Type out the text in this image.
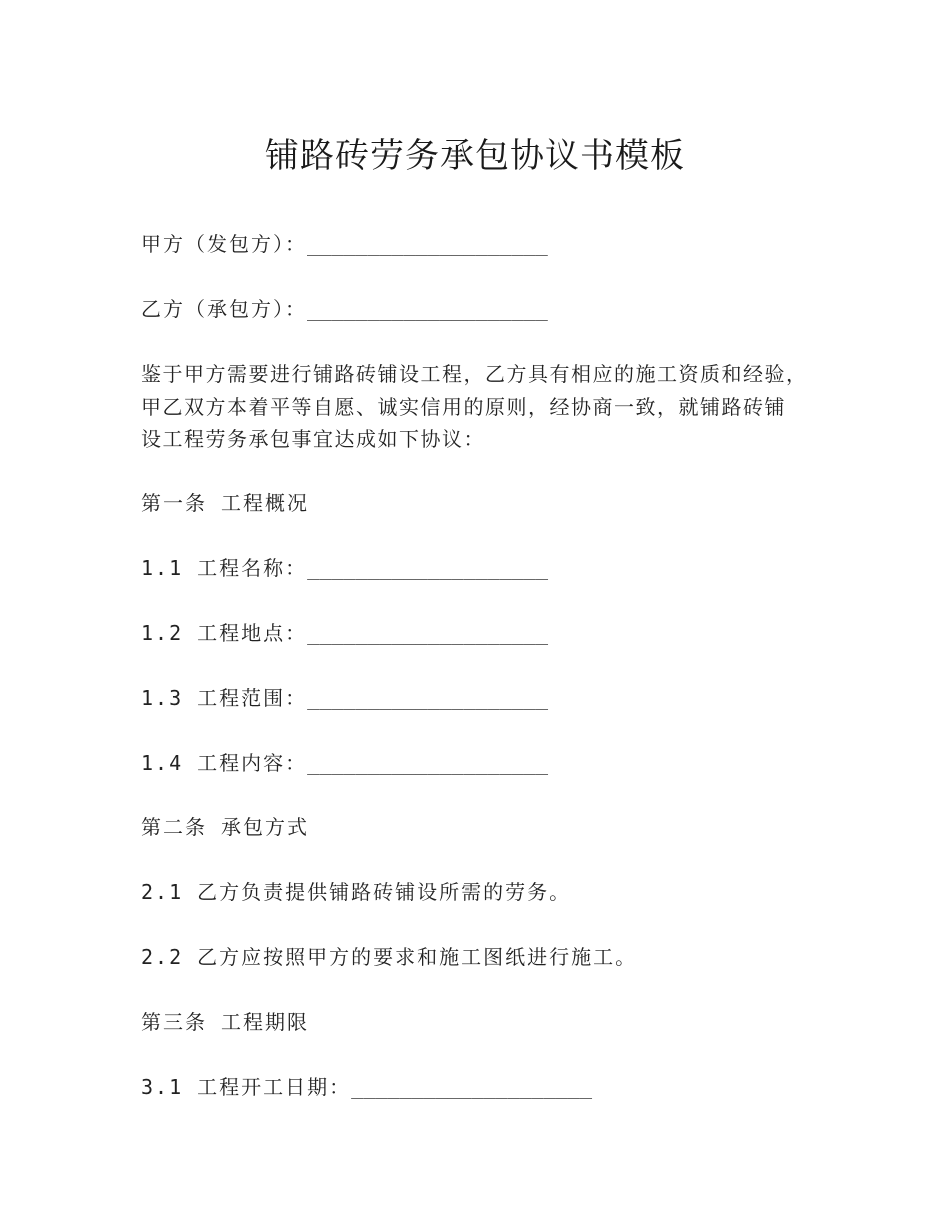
铺路砖劳务承包协议书模板
甲方（发包方）：____________________
乙方（承包方）：____________________
鉴于甲方需要进行铺路砖铺设工程，乙方具有相应的施工资质和经验，
甲乙双方本着平等自愿、诚实信用的原则，经协商一致，就铺路砖铺
设工程劳务承包事宜达成如下协议：
第一条 工程概况
1.1 工程名称：____________________
1.2 工程地点：____________________
1.3 工程范围：____________________
1.4 工程内容：____________________
第二条 承包方式
2.1 乙方负责提供铺路砖铺设所需的劳务。
2.2 乙方应按照甲方的要求和施工图纸进行施工。
第三条 工程期限
3.1 工程开工日期：____________________
